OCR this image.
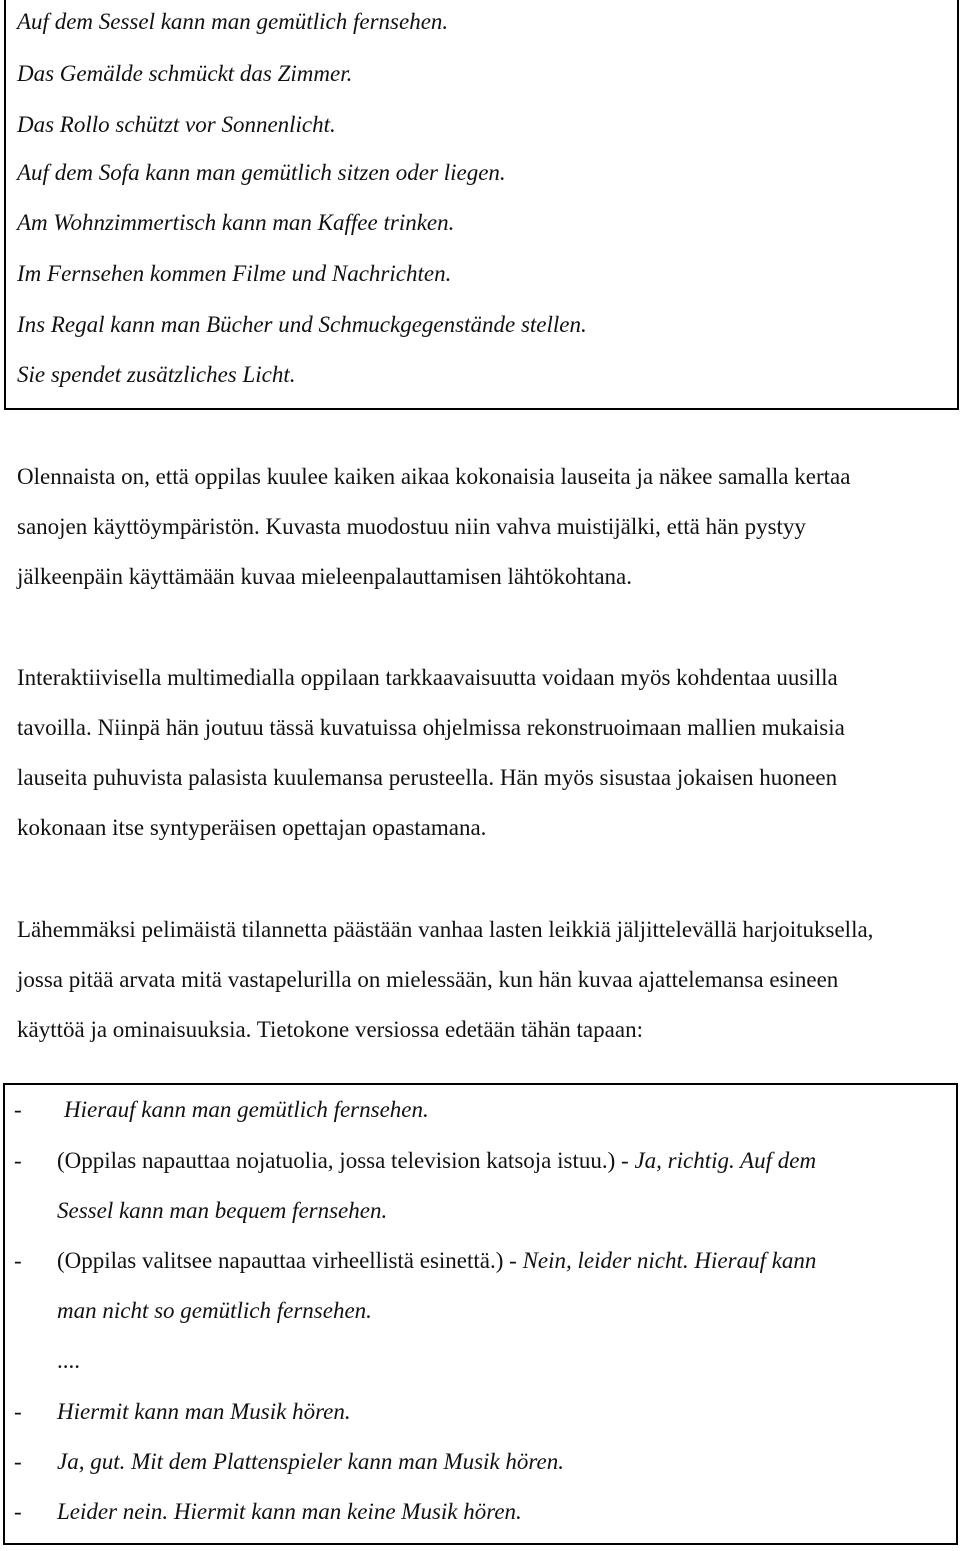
Auf dem Sessel kann man gemütlich fernsehen.
Das Gemälde schmückt das Zimmer.
Das Rollo schützt vor Sonnenlicht.
Auf dem Sofa kann man gemütlich sitzen oder liegen.
Am Wohnzimmertisch kann man Kaffee trinken.
Im Fernsehen kommen Filme und Nachrichten.
Ins Regal kann man Bücher und Schmuckgegenstände stellen.
Sie spendet zusätzliches Licht.
Olennaista on, että oppilas kuulee kaiken aikaa kokonaisia lauseita ja näkee samalla kertaa
sanojen käyttöympäristön. Kuvasta muodostuu niin vahva muistijälki, että hän pystyy
jälkeenpäin käyttämään kuvaa mieleenpalauttamisen lähtökohtana.
Interaktiivisella multimedialla oppilaan tarkkaavaisuutta voidaan myös kohdentaa uusilla
tavoilla. Niinpä hän joutuu tässä kuvatuissa ohjelmissa rekonstruoimaan mallien mukaisia
lauseita puhuvista palasista kuulemansa perusteella. Hän myös sisustaa jokaisen huoneen
kokonaan itse syntyperäisen opettajan opastamana.
Lähemmäksi pelimäistä tilannetta päästään vanhaa lasten leikkiä jäljittelevällä harjoituksella,
jossa pitää arvata mitä vastapelurilla on mielessään, kun hän kuvaa ajattelemansa esineen
käyttöä ja ominaisuuksia. Tietokone versiossa edetään tähän tapaan:
- Hierauf kann man gemütlich fernsehen.
- (Oppilas napauttaa nojatuolia, jossa television katsoja istuu.) - Ja, richtig. Auf dem
Sessel kann man bequem fernsehen.
- (Oppilas valitsee napauttaa virheellistä esinettä.) - Nein, leider nicht. Hierauf kann
man nicht so gemütlich fernsehen.
....
- Hiermit kann man Musik hören.
- Ja, gut. Mit dem Plattenspieler kann man Musik hören.
- Leider nein. Hiermit kann man keine Musik hören.
